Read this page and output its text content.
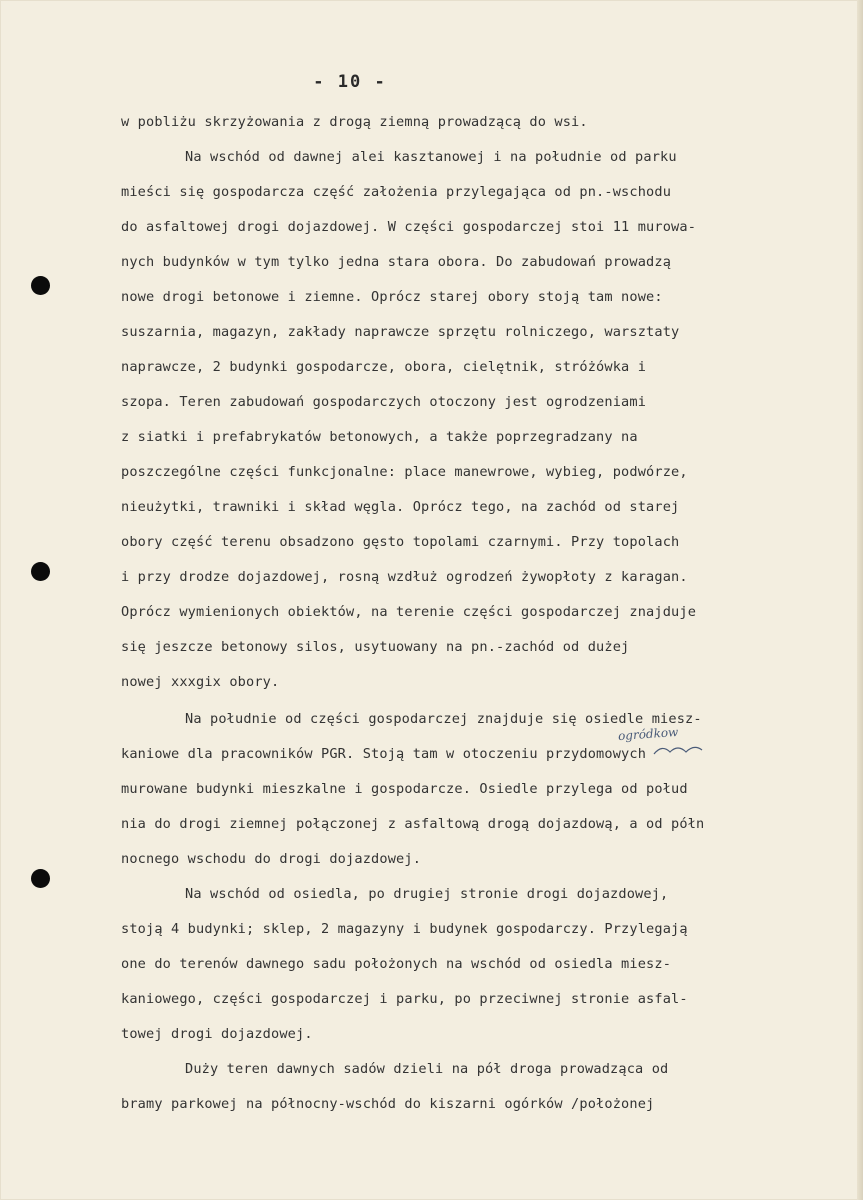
- 10 -
w pobliżu skrzyżowania z drogą ziemną prowadzącą do wsi.
Na wschód od dawnej alei kasztanowej i na południe od parku
mieści się gospodarcza część założenia przylegająca od pn.-wschodu
do asfaltowej drogi dojazdowej. W części gospodarczej stoi 11 murowa-
nych budynków w tym tylko jedna stara obora. Do zabudowań prowadzą
nowe drogi betonowe i ziemne. Oprócz starej obory stoją tam nowe:
suszarnia, magazyn, zakłady naprawcze sprzętu rolniczego, warsztaty
naprawcze, 2 budynki gospodarcze, obora, cielętnik, stróżówka i
szopa. Teren zabudowań gospodarczych otoczony jest ogrodzeniami
z siatki i prefabrykatów betonowych, a także poprzegradzany na
poszczególne części funkcjonalne: place manewrowe, wybieg, podwórze,
nieużytki, trawniki i skład węgla. Oprócz tego, na zachód od starej
obory część terenu obsadzono gęsto topolami czarnymi. Przy topolach
i przy drodze dojazdowej, rosną wzdłuż ogrodzeń żywopłoty z karagan.
Oprócz wymienionych obiektów, na terenie części gospodarczej znajduje
się jeszcze betonowy silos, usytuowany na pn.-zachód od dużej
nowej xxxgix obory.
Na południe od części gospodarczej znajduje się osiedle miesz-
kaniowe dla pracowników PGR. Stoją tam w otoczeniu przydomowych
murowane budynki mieszkalne i gospodarcze. Osiedle przylega od połud
nia do drogi ziemnej połączonej z asfaltową drogą dojazdową, a od półn
nocnego wschodu do drogi dojazdowej.
Na wschód od osiedla, po drugiej stronie drogi dojazdowej,
stoją 4 budynki; sklep, 2 magazyny i budynek gospodarczy. Przylegają
one do terenów dawnego sadu położonych na wschód od osiedla miesz-
kaniowego, części gospodarczej i parku, po przeciwnej stronie asfal-
towej drogi dojazdowej.
Duży teren dawnych sadów dzieli na pół droga prowadząca od
bramy parkowej na północny-wschód do kiszarni ogórków /położonej
ogródkow
